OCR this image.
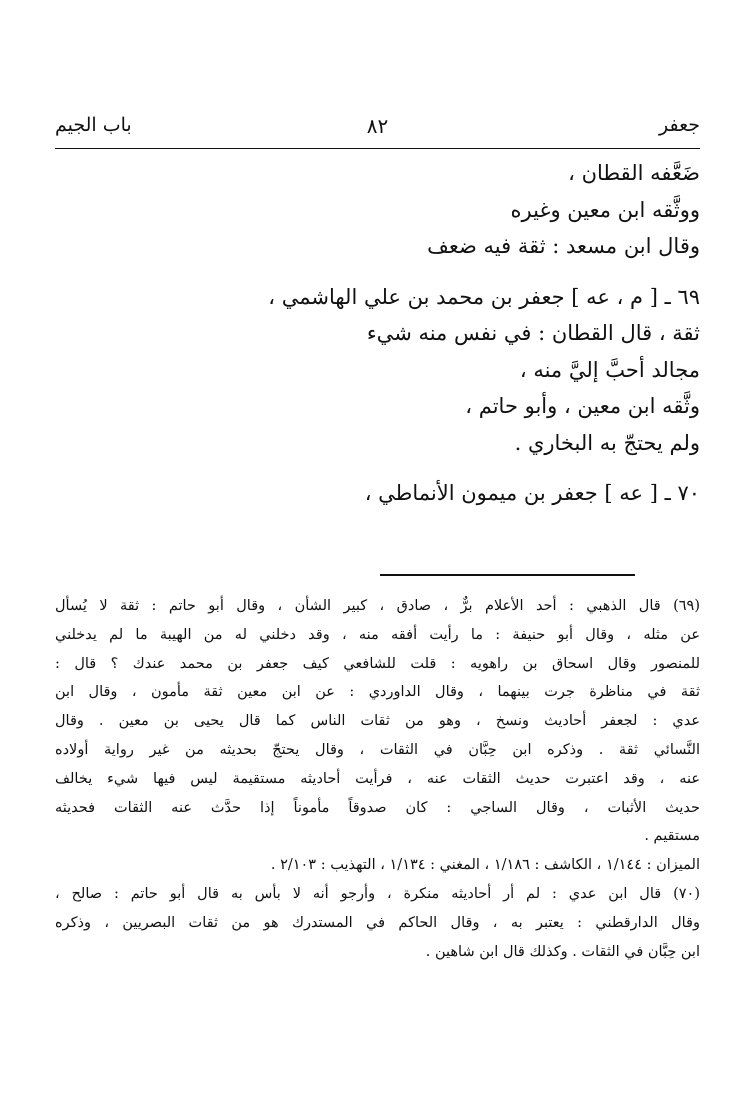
جعفر
٨٢
باب الجيم
ضَعَّفه القطان ،
ووثَّقه ابن معين وغيره
وقال ابن مسعد : ثقة فيه ضعف
٦٩ ـ [ م ، عه ] جعفر بن محمد بن علي الهاشمي ،
ثقة ، قال القطان : في نفس منه شيء
مجالد أحبَّ إليَّ منه ،
وثَّقه ابن معين ، وأبو حاتم ،
ولم يحتجّ به البخاري .
٧٠ ـ [ عه ] جعفر بن ميمون الأنماطي ،
(٦٩) قال الذهبي : أحد الأعلام برٌّ ، صادق ، كبير الشأن ، وقال أبو حاتم : ثقة لا يُسأل
عن مثله ، وقال أبو حنيفة : ما رأيت أفقه منه ، وقد دخلني له من الهيبة ما لم يدخلني
للمنصور وقال اسحاق بن راهويه : قلت للشافعي كيف جعفر بن محمد عندك ؟ قال :
ثقة في مناظرة جرت بينهما ، وقال الداوردي : عن ابن معين ثقة مأمون ، وقال ابن
عدي : لجعفر أحاديث ونسخ ، وهو من ثقات الناس كما قال يحيى بن معين . وقال
النَّسائي ثقة . وذكره ابن حِبَّان في الثقات ، وقال يحتجّ بحديثه من غير رواية أولاده
عنه ، وقد اعتبرت حديث الثقات عنه ، فرأيت أحاديثه مستقيمة ليس فيها شيء يخالف
حديث الأثبات ، وقال الساجي : كان صدوقاً مأموناً إذا حدَّث عنه الثقات فحديثه
مستقيم .
الميزان : ١/١٤٤ ، الكاشف : ١/١٨٦ ، المغني : ١/١٣٤ ، التهذيب : ٢/١٠٣ .
(٧٠) قال ابن عدي : لم أر أحاديثه منكرة ، وأرجو أنه لا بأس به قال أبو حاتم : صالح ،
وقال الدارقطني : يعتبر به ، وقال الحاكم في المستدرك هو من ثقات البصريين ، وذكره
ابن حِبَّان في الثقات . وكذلك قال ابن شاهين .
